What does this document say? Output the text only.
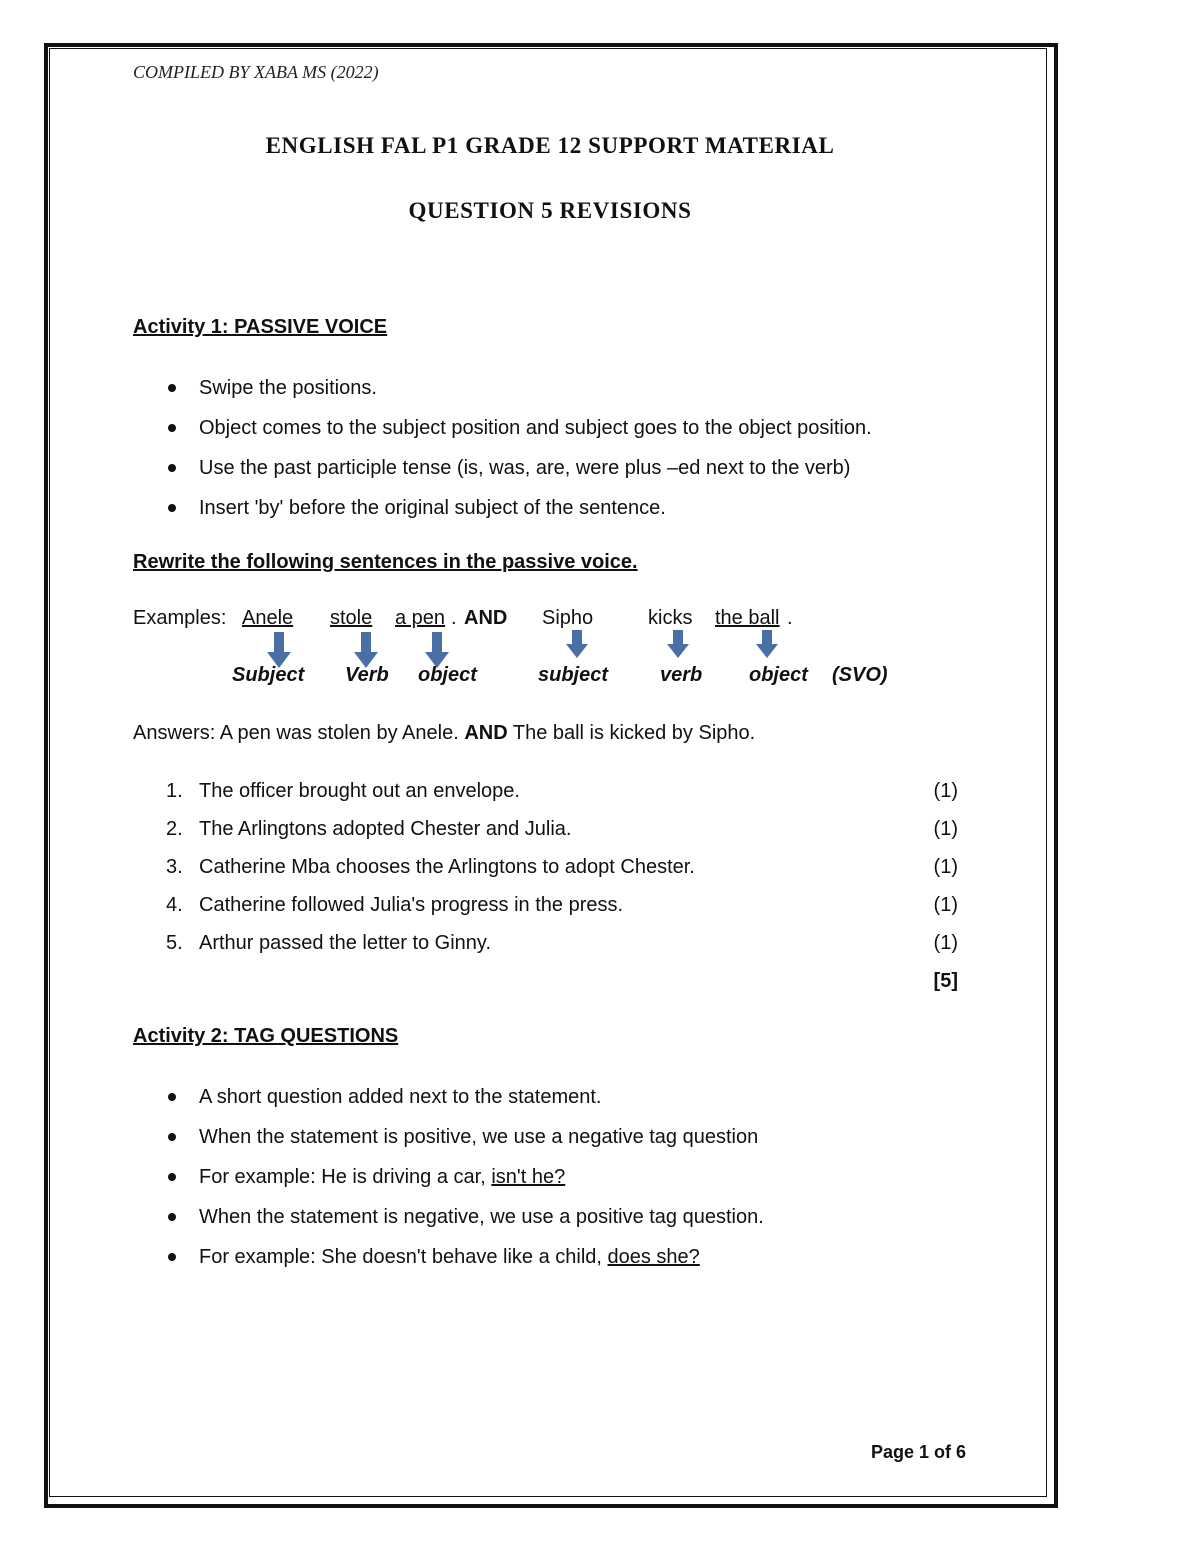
COMPILED BY XABA MS (2022)
ENGLISH FAL P1 GRADE 12 SUPPORT MATERIAL
QUESTION 5 REVISIONS
Activity 1: PASSIVE VOICE
Swipe the positions.
Object comes to the subject position and subject goes to the object position.
Use the past participle tense (is, was, are, were plus –ed next to the verb)
Insert 'by' before the original subject of the sentence.
Rewrite the following sentences in the passive voice.
Examples: Anele stole a pen . AND Sipho	kicks the ball .
Subject Verb object	subject	verb object (SVO)
Answers: A pen was stolen by Anele. AND The ball is kicked by Sipho.
1. The officer brought out an envelope.	(1)
2. The Arlingtons adopted Chester and Julia.	(1)
3. Catherine Mba chooses the Arlingtons to adopt Chester.	(1)
4. Catherine followed Julia's progress in the press.	(1)
5. Arthur passed the letter to Ginny.	(1)
[5]
Activity 2: TAG QUESTIONS
A short question added next to the statement.
When the statement is positive, we use a negative tag question
For example: He is driving a car, isn't he?
When the statement is negative, we use a positive tag question.
For example: She doesn't behave like a child, does she?
Page 1 of 6
